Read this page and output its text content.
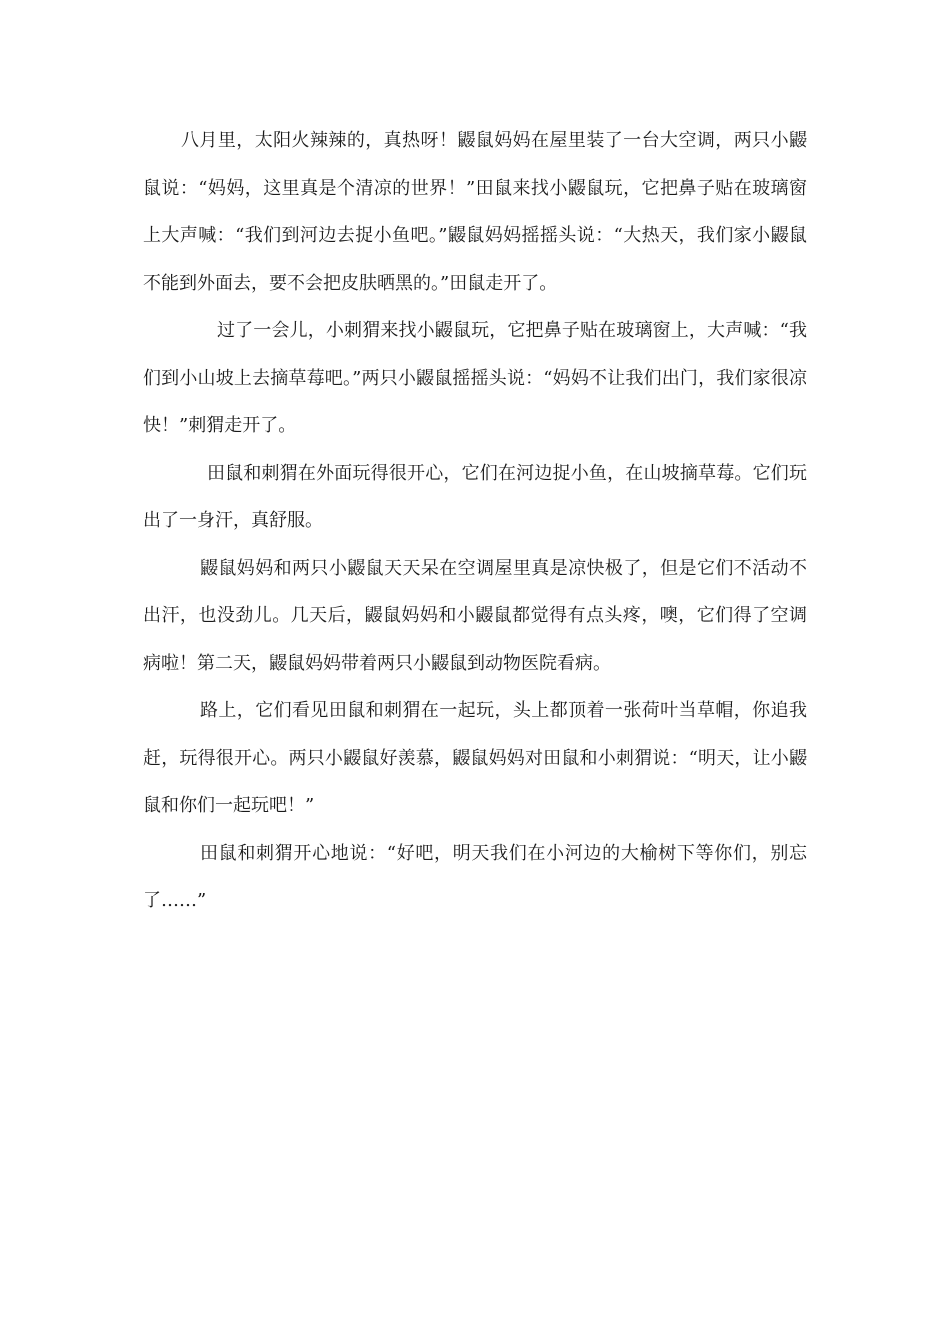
八月里，太阳火辣辣的，真热呀！鼹鼠妈妈在屋里装了一台大空调，两只小鼹鼠说：“妈妈，这里真是个清凉的世界！”田鼠来找小鼹鼠玩，它把鼻子贴在玻璃窗上大声喊：“我们到河边去捉小鱼吧。”鼹鼠妈妈摇摇头说：“大热天，我们家小鼹鼠不能到外面去，要不会把皮肤晒黑的。”田鼠走开了。

过了一会儿，小刺猬来找小鼹鼠玩，它把鼻子贴在玻璃窗上，大声喊：“我们到小山坡上去摘草莓吧。”两只小鼹鼠摇摇头说：“妈妈不让我们出门，我们家很凉快！”刺猬走开了。

田鼠和刺猬在外面玩得很开心，它们在河边捉小鱼，在山坡摘草莓。它们玩出了一身汗，真舒服。

鼹鼠妈妈和两只小鼹鼠天天呆在空调屋里真是凉快极了，但是它们不活动不出汗，也没劲儿。几天后，鼹鼠妈妈和小鼹鼠都觉得有点头疼，噢，它们得了空调病啦！第二天，鼹鼠妈妈带着两只小鼹鼠到动物医院看病。

路上，它们看见田鼠和刺猬在一起玩，头上都顶着一张荷叶当草帽，你追我赶，玩得很开心。两只小鼹鼠好羡慕，鼹鼠妈妈对田鼠和小刺猬说：“明天，让小鼹鼠和你们一起玩吧！”

田鼠和刺猬开心地说：“好吧，明天我们在小河边的大榆树下等你们，别忘了……”
